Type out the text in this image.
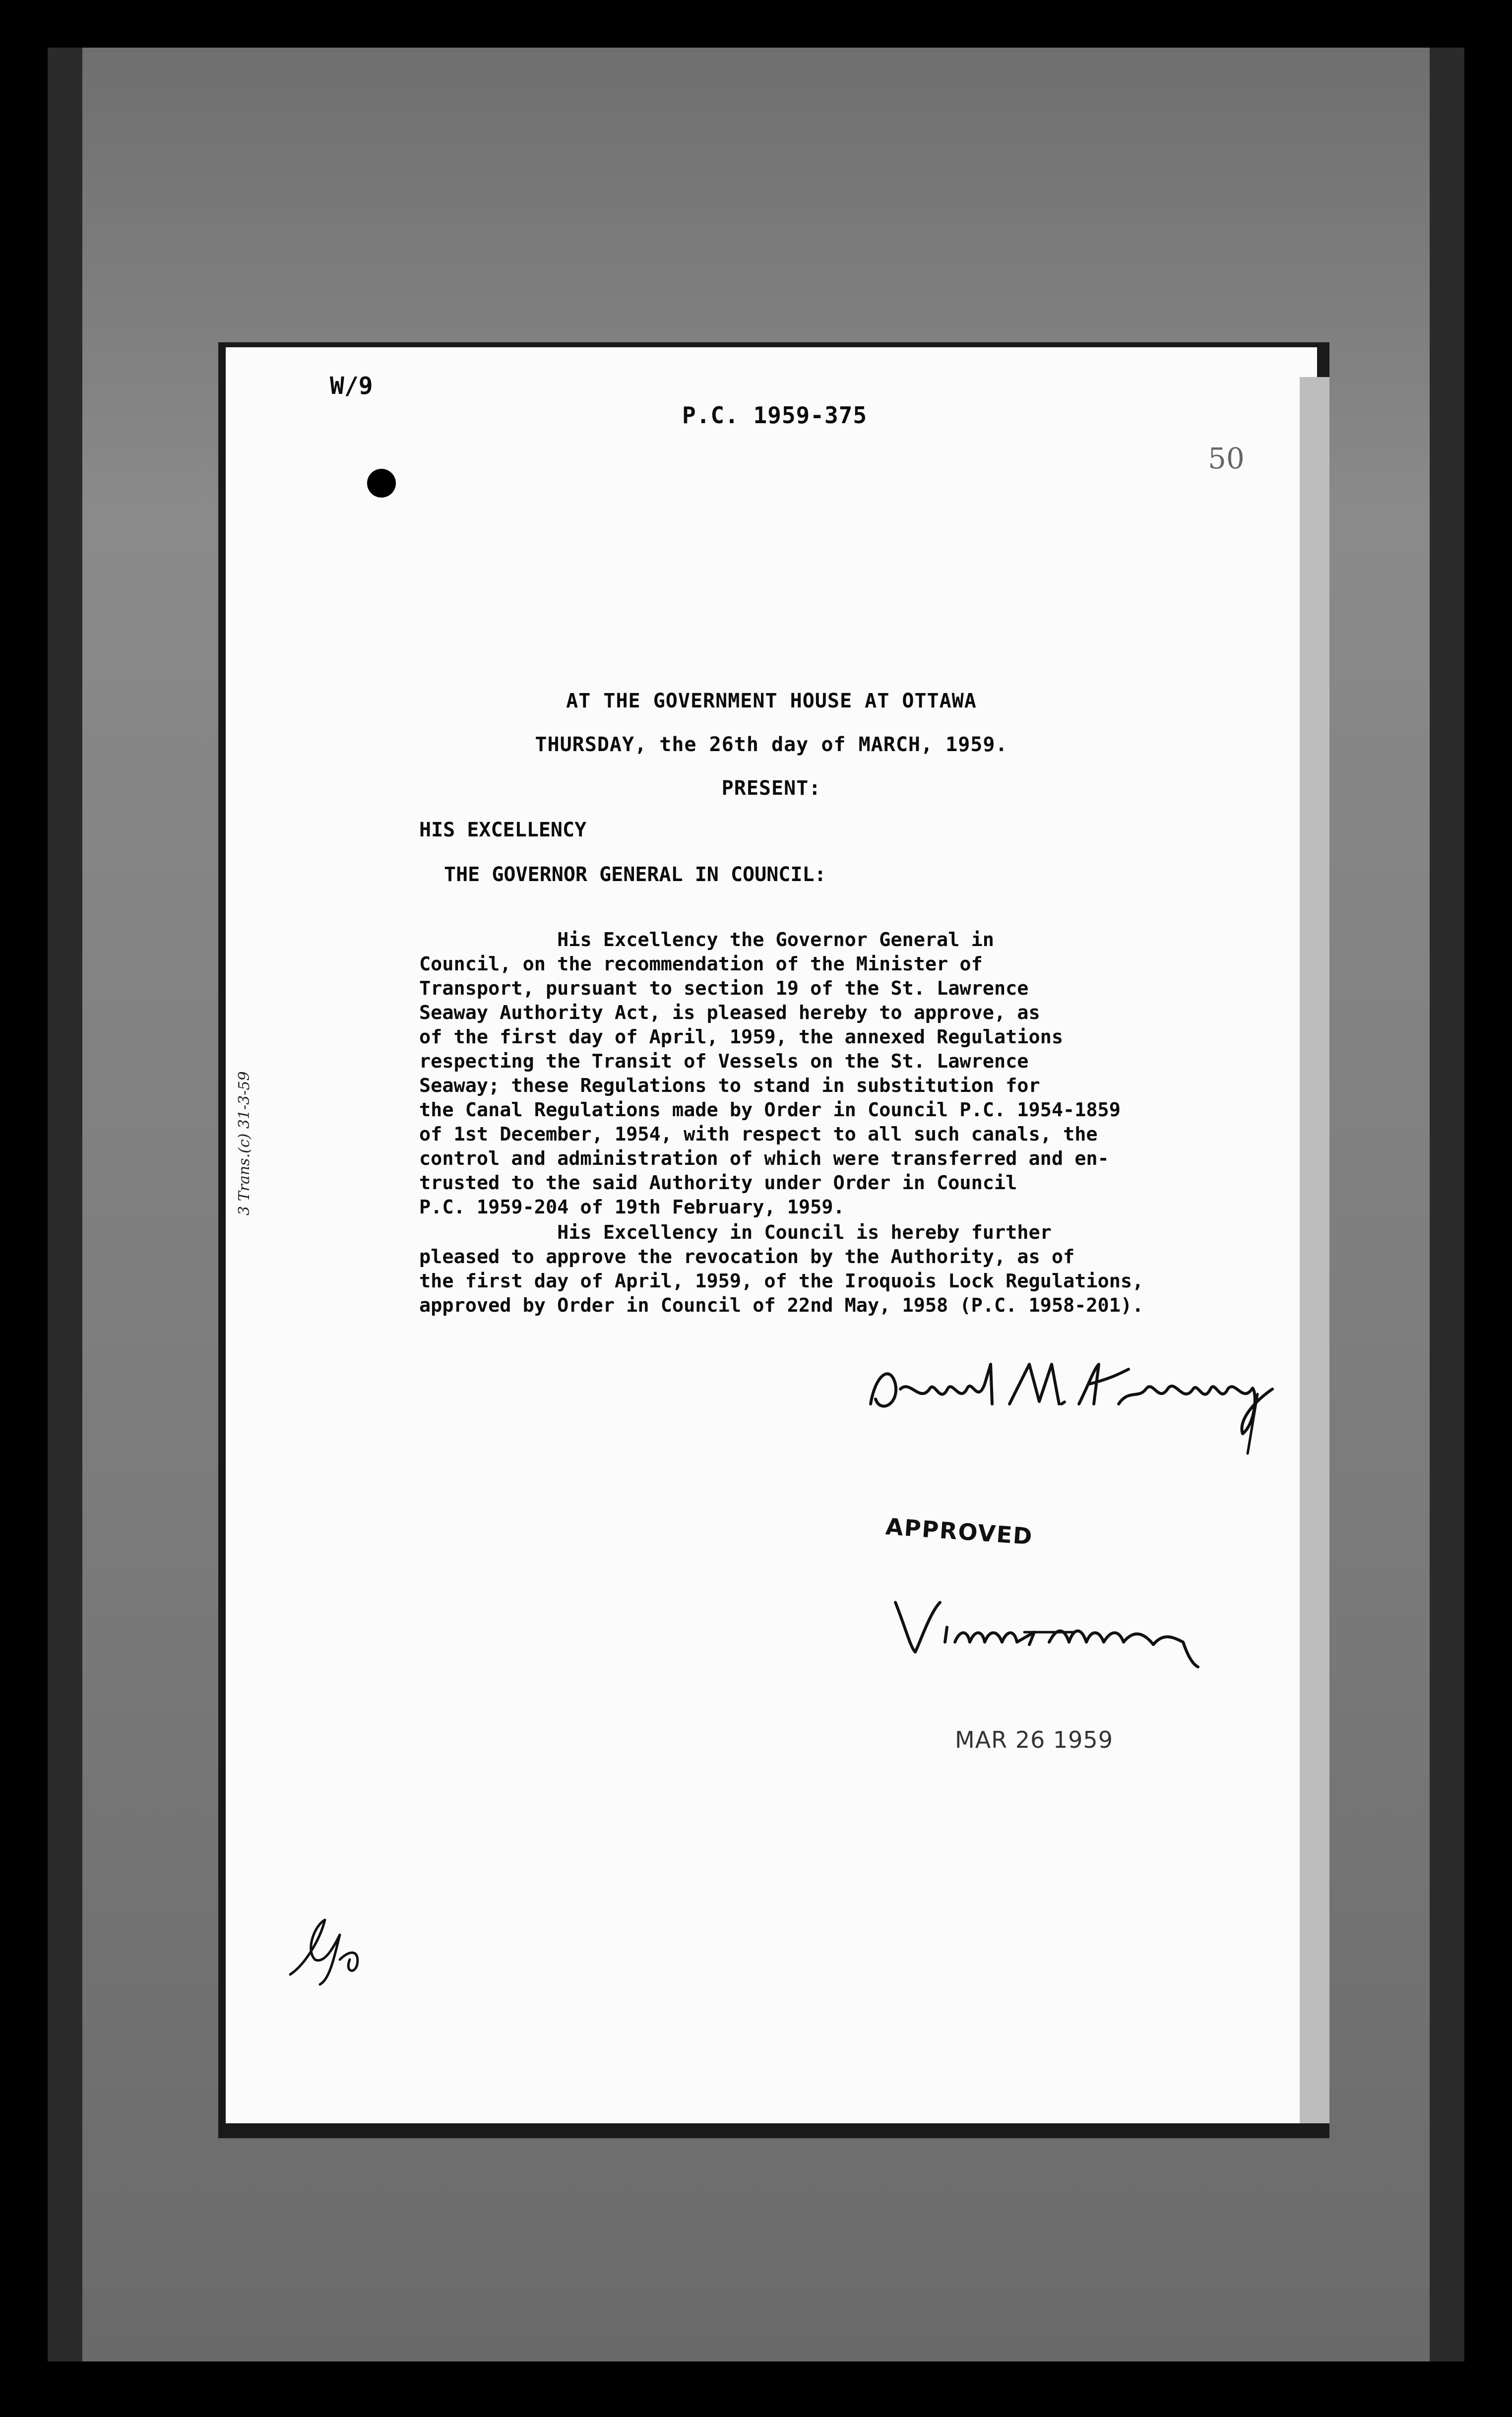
W/9
P.C. 1959-375
50
AT THE GOVERNMENT HOUSE AT OTTAWA
THURSDAY, the 26th day of MARCH, 1959.
PRESENT:
HIS EXCELLENCY
THE GOVERNOR GENERAL IN COUNCIL:
His Excellency the Governor General in
Council, on the recommendation of the Minister of
Transport, pursuant to section 19 of the St. Lawrence
Seaway Authority Act, is pleased hereby to approve, as
of the first day of April, 1959, the annexed Regulations
respecting the Transit of Vessels on the St. Lawrence
Seaway; these Regulations to stand in substitution for
the Canal Regulations made by Order in Council P.C. 1954-1859
of 1st December, 1954, with respect to all such canals, the
control and administration of which were transferred and en-
trusted to the said Authority under Order in Council
P.C. 1959-204 of 19th February, 1959.
His Excellency in Council is hereby further
pleased to approve the revocation by the Authority, as of
the first day of April, 1959, of the Iroquois Lock Regulations,
approved by Order in Council of 22nd May, 1958 (P.C. 1958-201).
3 Trans.(c) 31-3-59
APPROVED
MAR 26 1959
